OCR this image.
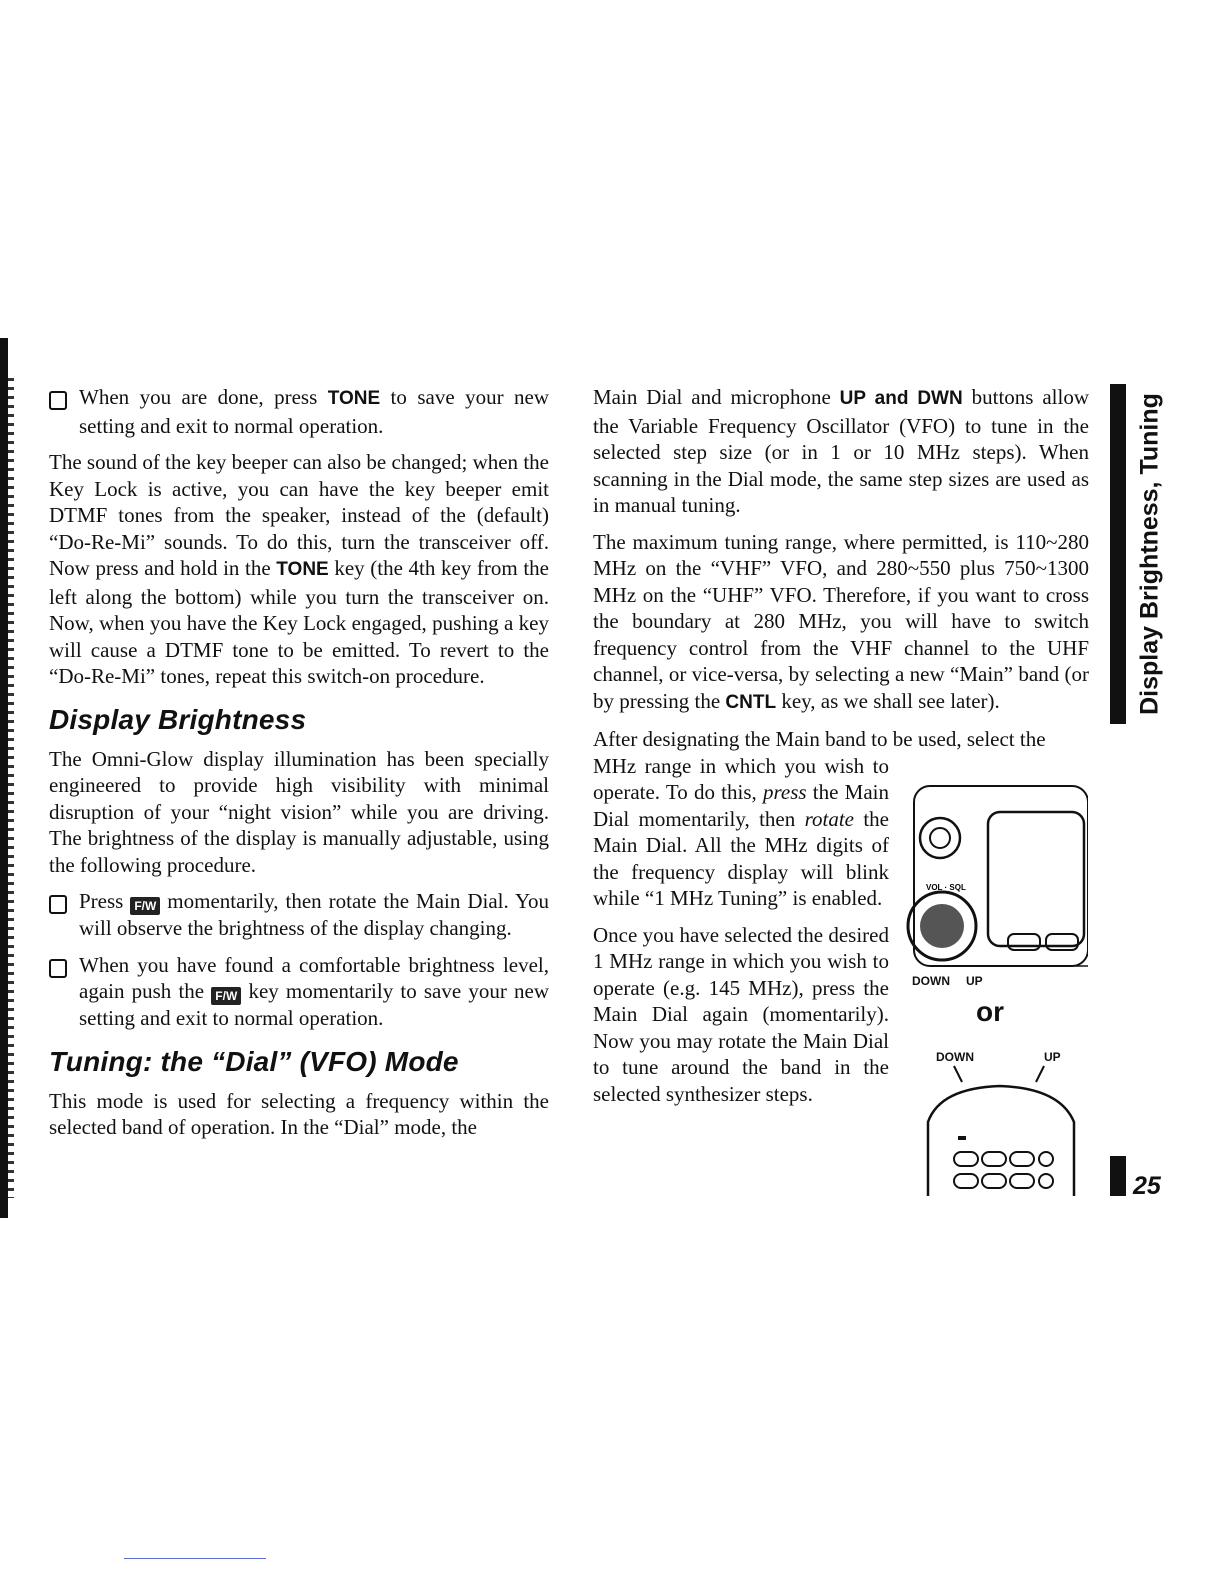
When you are done, press TONE to save your new setting and exit to normal operation.

The sound of the key beeper can also be changed; when the Key Lock is active, you can have the key beeper emit DTMF tones from the speaker, instead of the (default) “Do-Re-Mi” sounds. To do this, turn the transceiver off. Now press and hold in the TONE key (the 4th key from the left along the bottom) while you turn the transceiver on. Now, when you have the Key Lock engaged, pushing a key will cause a DTMF tone to be emitted. To revert to the “Do-Re-Mi” tones, repeat this switch-on procedure.

Display Brightness

The Omni-Glow display illumination has been specially engineered to provide high visibility with minimal disruption of your “night vision” while you are driving. The brightness of the display is manually adjustable, using the following procedure.

Press F/W momentarily, then rotate the Main Dial. You will observe the brightness of the display changing.
When you have found a comfortable brightness level, again push the F/W key momentarily to save your new setting and exit to normal operation.
Tuning: the “Dial” (VFO) Mode

This mode is used for selecting a frequency within the selected band of operation. In the “Dial” mode, the

Main Dial and microphone UP and DWN buttons allow the Variable Frequency Oscillator (VFO) to tune in the selected step size (or in 1 or 10 MHz steps). When scanning in the Dial mode, the same step sizes are used as in manual tuning.

The maximum tuning range, where permitted, is 110~280 MHz on the “VHF” VFO, and 280~550 plus 750~1300 MHz on the “UHF” VFO. Therefore, if you want to cross the boundary at 280 MHz, you will have to switch frequency control from the VHF channel to the UHF channel, or vice-versa, by selecting a new “Main” band (or by pressing the CNTL key, as we shall see later).

After designating the Main band to be used, select the

MHz range in which you wish to operate. To do this, press the Main Dial momentarily, then rotate the Main Dial. All the MHz digits of the frequency display will blink while “1 MHz Tuning” is enabled.
Once you have selected the desired 1 MHz range in which you wish to operate (e.g. 145 MHz), press the Main Dial again (momentarily). Now you may rotate the Main Dial to tune around the band in the selected synthesizer steps.
VOL · SQL
DOWN UP
or
DOWN	UP
Display Brightness, Tuning
25
